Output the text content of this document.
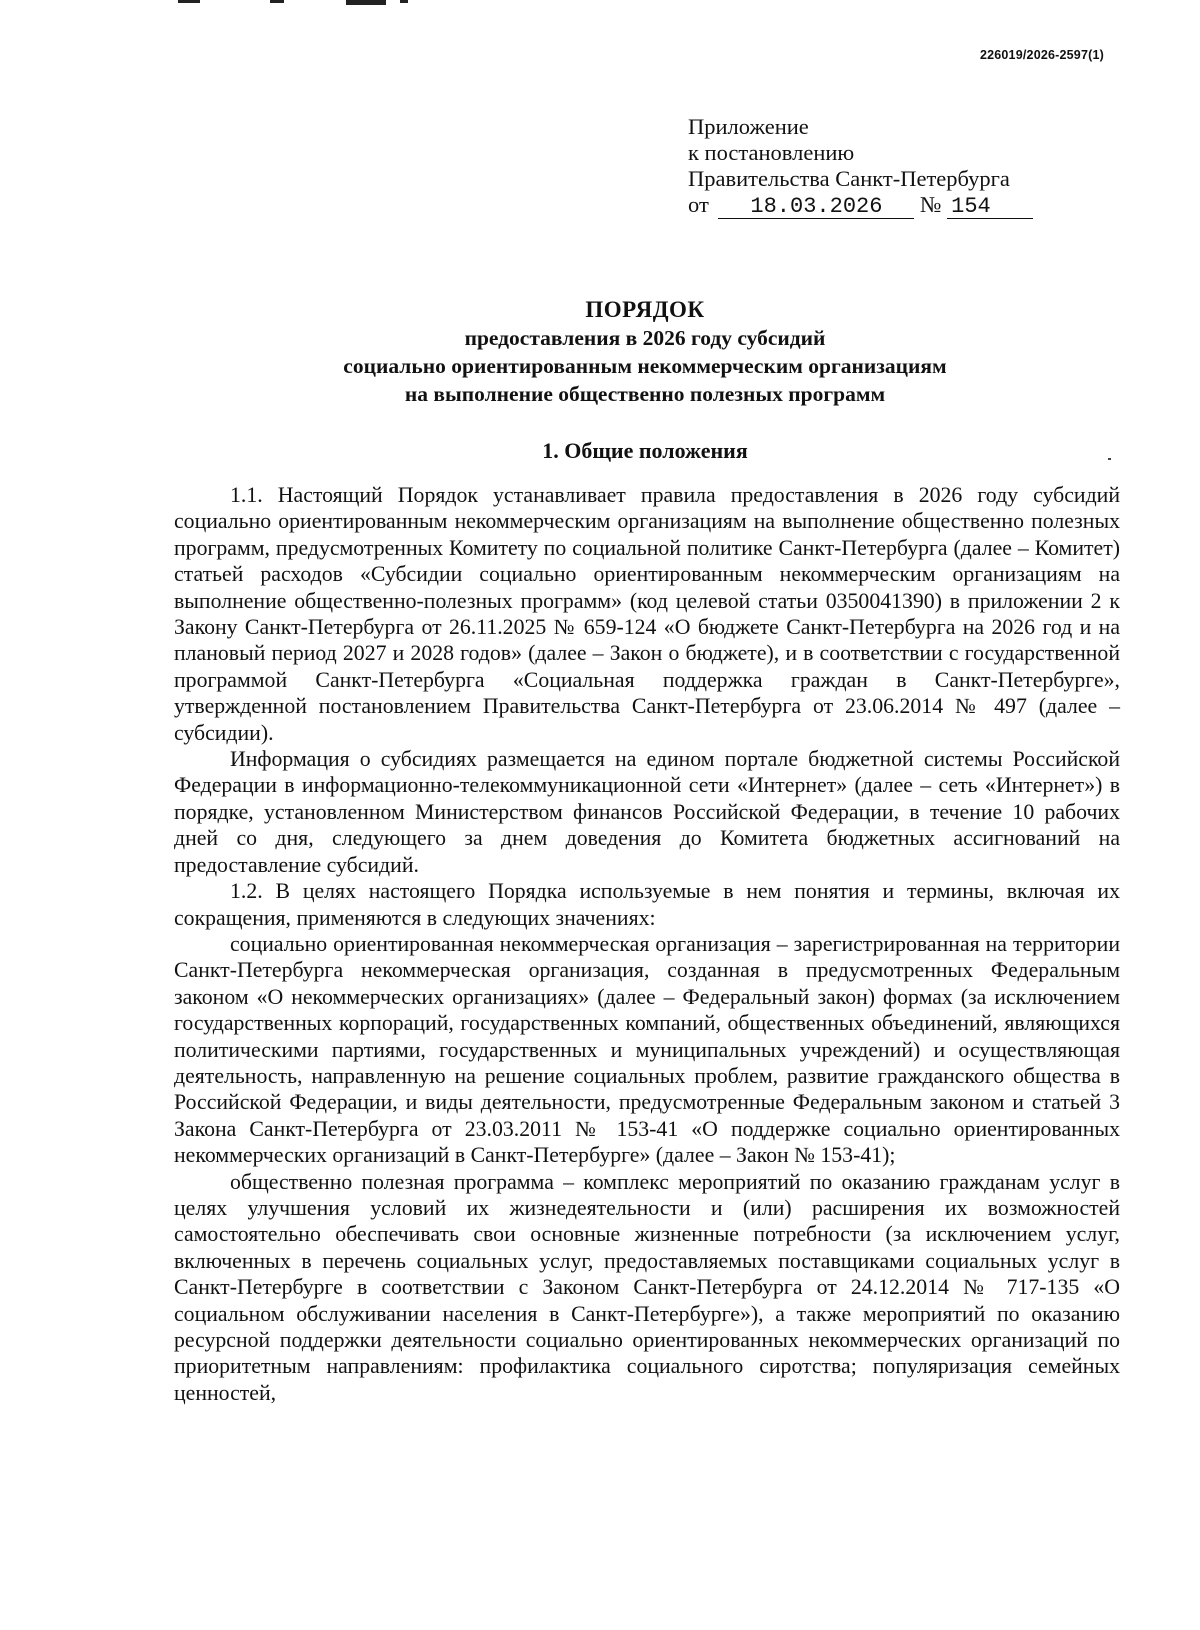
226019/2026-2597(1)
Приложение
к постановлению
Правительства Санкт-Петербурга
от 18.03.2026 № 154
ПОРЯДОК
предоставления в 2026 году субсидий
социально ориентированным некоммерческим организациям
на выполнение общественно полезных программ
1. Общие положения

1.1. Настоящий Порядок устанавливает правила предоставления в 2026 году субсидий социально ориентированным некоммерческим организациям на выполнение общественно полезных программ, предусмотренных Комитету по социальной политике Санкт-Петербурга (далее – Комитет) статьей расходов «Субсидии социально ориентированным некоммерческим организациям на выполнение общественно-полезных программ» (код целевой статьи 0350041390) в приложении 2 к Закону Санкт-Петербурга от 26.11.2025 № 659-124 «О бюджете Санкт-Петербурга на 2026 год и на плановый период 2027 и 2028 годов» (далее – Закон о бюджете), и в соответствии с государственной программой Санкт-Петербурга «Социальная поддержка граждан в Санкт-Петербурге», утвержденной постановлением Правительства Санкт-Петербурга от 23.06.2014 № 497 (далее – субсидии).

Информация о субсидиях размещается на едином портале бюджетной системы Российской Федерации в информационно-телекоммуникационной сети «Интернет» (далее – сеть «Интернет») в порядке, установленном Министерством финансов Российской Федерации, в течение 10 рабочих дней со дня, следующего за днем доведения до Комитета бюджетных ассигнований на предоставление субсидий.

1.2. В целях настоящего Порядка используемые в нем понятия и термины, включая их сокращения, применяются в следующих значениях:

социально ориентированная некоммерческая организация – зарегистрированная на территории Санкт-Петербурга некоммерческая организация, созданная в предусмотренных Федеральным законом «О некоммерческих организациях» (далее – Федеральный закон) формах (за исключением государственных корпораций, государственных компаний, общественных объединений, являющихся политическими партиями, государственных и муниципальных учреждений) и осуществляющая деятельность, направленную на решение социальных проблем, развитие гражданского общества в Российской Федерации, и виды деятельности, предусмотренные Федеральным законом и статьей 3 Закона Санкт-Петербурга от 23.03.2011 № 153-41 «О поддержке социально ориентированных некоммерческих организаций в Санкт-Петербурге» (далее – Закон № 153-41);

общественно полезная программа – комплекс мероприятий по оказанию гражданам услуг в целях улучшения условий их жизнедеятельности и (или) расширения их возможностей самостоятельно обеспечивать свои основные жизненные потребности (за исключением услуг, включенных в перечень социальных услуг, предоставляемых поставщиками социальных услуг в Санкт-Петербурге в соответствии с Законом Санкт-Петербурга от 24.12.2014 № 717-135 «О социальном обслуживании населения в Санкт-Петербурге»), а также мероприятий по оказанию ресурсной поддержки деятельности социально ориентированных некоммерческих организаций по приоритетным направлениям: профилактика социального сиротства; популяризация семейных ценностей,
